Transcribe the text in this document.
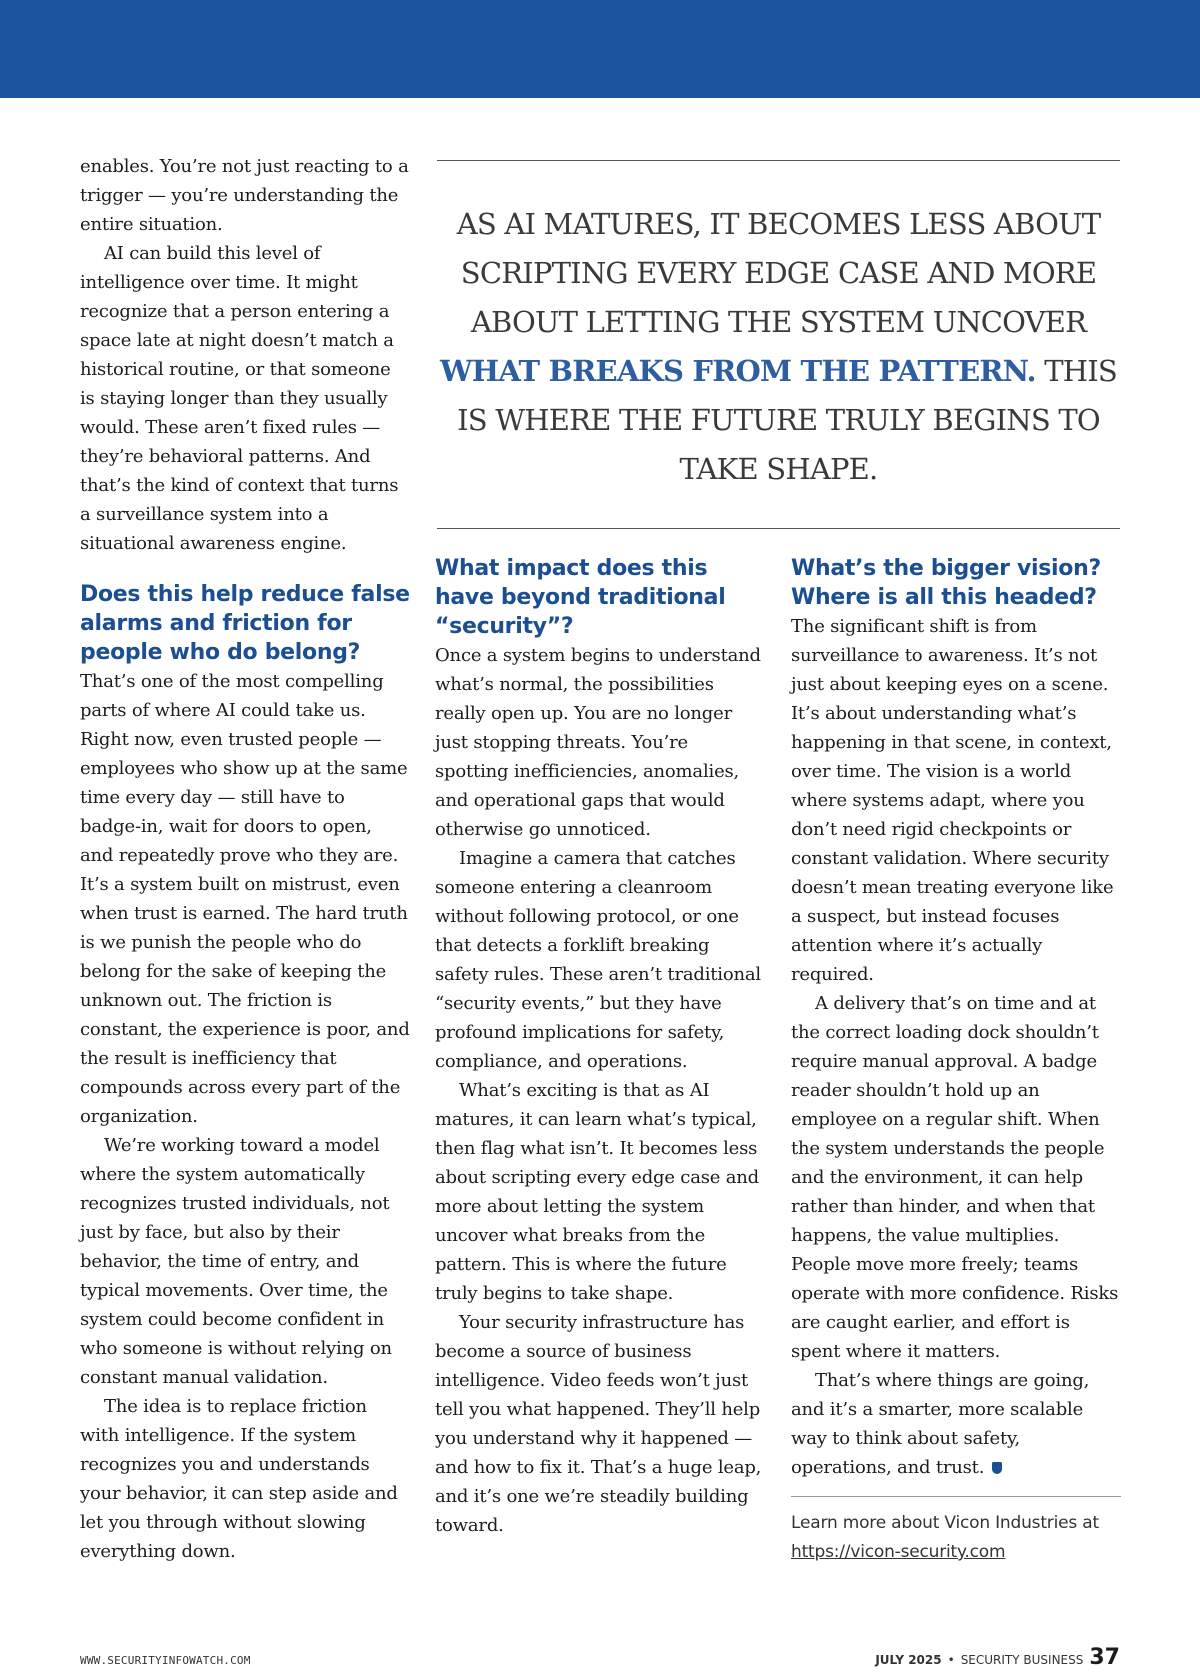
enables. You’re not just reacting to a trigger — you’re understanding the entire situation.

AI can build this level of intelligence over time. It might recognize that a person entering a space late at night doesn’t match a historical routine, or that someone is staying longer than they usually would. These aren’t fixed rules — they’re behavioral patterns. And that’s the kind of context that turns a surveillance system into a situational awareness engine.

Does this help reduce false alarms and friction for people who do belong?

That’s one of the most compelling parts of where AI could take us. Right now, even trusted people — employees who show up at the same time every day — still have to badge-in, wait for doors to open, and repeatedly prove who they are. It’s a system built on mistrust, even when trust is earned. The hard truth is we punish the people who do belong for the sake of keeping the unknown out. The friction is constant, the experience is poor, and the result is inefficiency that compounds across every part of the organization.

We’re working toward a model where the system automatically recognizes trusted individuals, not just by face, but also by their behavior, the time of entry, and typical movements. Over time, the system could become confident in who someone is without relying on constant manual validation.

The idea is to replace friction with intelligence. If the system recognizes you and understands your behavior, it can step aside and let you through without slowing everything down.

AS AI MATURES, IT BECOMES LESS ABOUT SCRIPTING EVERY EDGE CASE AND MORE ABOUT LETTING THE SYSTEM UNCOVER WHAT BREAKS FROM THE PATTERN. THIS IS WHERE THE FUTURE TRULY BEGINS TO TAKE SHAPE.
What impact does this have beyond traditional “security”?

Once a system begins to understand what’s normal, the possibilities really open up. You are no longer just stopping threats. You’re spotting inefficiencies, anomalies, and operational gaps that would otherwise go unnoticed.

Imagine a camera that catches someone entering a cleanroom without following protocol, or one that detects a forklift breaking safety rules. These aren’t traditional “security events,” but they have profound implications for safety, compliance, and operations.

What’s exciting is that as AI matures, it can learn what’s typical, then flag what isn’t. It becomes less about scripting every edge case and more about letting the system uncover what breaks from the pattern. This is where the future truly begins to take shape.

Your security infrastructure has become a source of business intelligence. Video feeds won’t just tell you what happened. They’ll help you understand why it happened — and how to fix it. That’s a huge leap, and it’s one we’re steadily building toward.

What’s the bigger vision? Where is all this headed?

The significant shift is from surveillance to awareness. It’s not just about keeping eyes on a scene. It’s about understanding what’s happening in that scene, in context, over time. The vision is a world where systems adapt, where you don’t need rigid checkpoints or constant validation. Where security doesn’t mean treating everyone like a suspect, but instead focuses attention where it’s actually required.

A delivery that’s on time and at the correct loading dock shouldn’t require manual approval. A badge reader shouldn’t hold up an employee on a regular shift. When the system understands the people and the environment, it can help rather than hinder, and when that happens, the value multiplies. People move more freely; teams operate with more confidence. Risks are caught earlier, and effort is spent where it matters.

That’s where things are going, and it’s a smarter, more scalable way to think about safety, operations, and trust.

Learn more about Vicon Industries at
https://vicon-security.com
WWW.SECURITYINFOWATCH.COM	JULY 2025 • SECURITY BUSINESS 37
